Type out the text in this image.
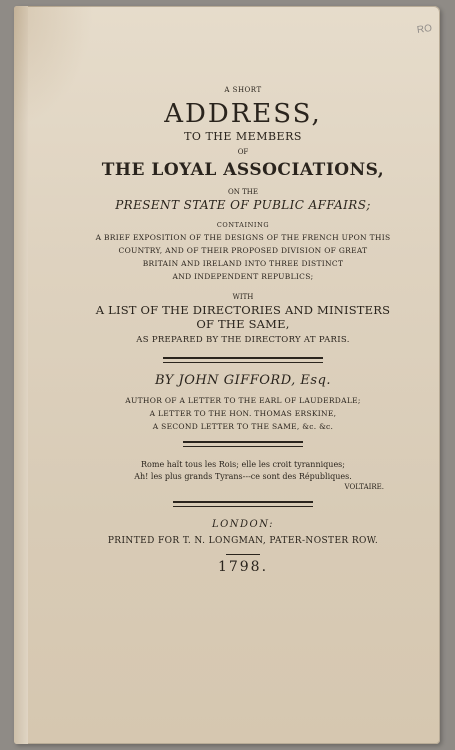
RO
A SHORT
ADDRESS,
TO THE MEMBERS
OF
THE LOYAL ASSOCIATIONS,
ON THE
PRESENT STATE OF PUBLIC AFFAIRS;
CONTAINING
A BRIEF EXPOSITION OF THE DESIGNS OF THE FRENCH UPON THIS
COUNTRY, AND OF THEIR PROPOSED DIVISION OF GREAT
BRITAIN AND IRELAND INTO THREE DISTINCT
AND INDEPENDENT REPUBLICS;
WITH
A LIST OF THE DIRECTORIES AND MINISTERS
OF THE SAME,
AS PREPARED BY THE DIRECTORY AT PARIS.
BY JOHN GIFFORD, Esq.
AUTHOR OF A LETTER TO THE EARL OF LAUDERDALE;
A LETTER TO THE HON. THOMAS ERSKINE,
A SECOND LETTER TO THE SAME, &c. &c.
Rome haït tous les Rois; elle les croit tyranniques;
Ah! les plus grands Tyrans---ce sont des Républiques.
VOLTAIRE.
LONDON:
PRINTED FOR T. N. LONGMAN, PATER-NOSTER ROW.
1798.
